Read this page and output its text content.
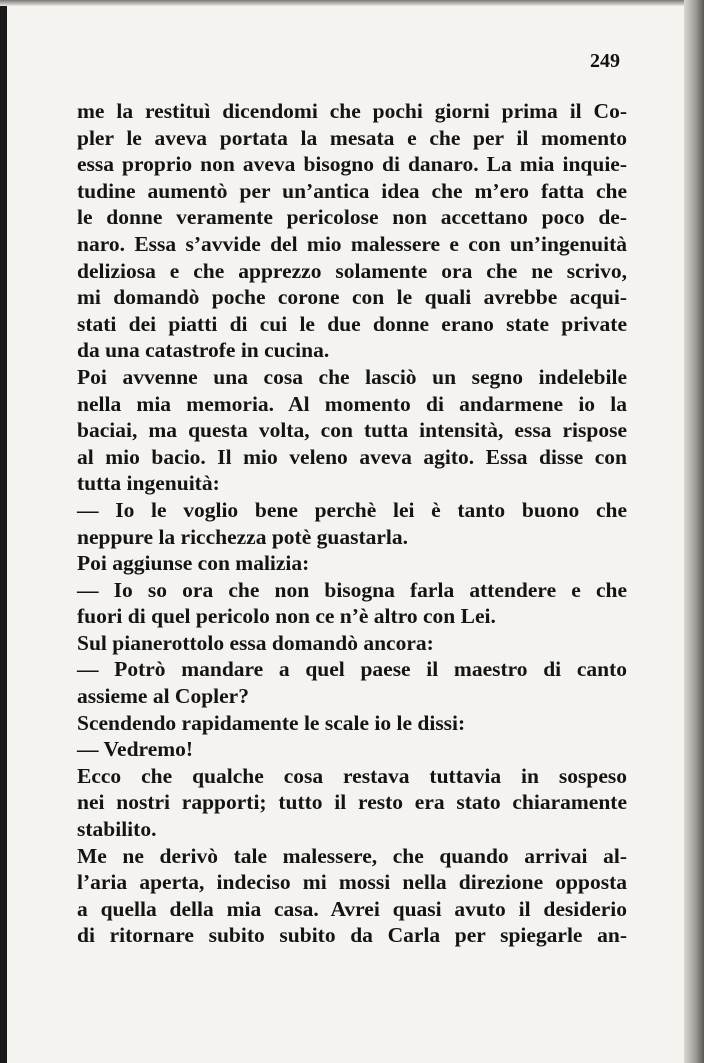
249
me la restituì dicendomi che pochi giorni prima il Co-
pler le aveva portata la mesata e che per il momento
essa proprio non aveva bisogno di danaro. La mia inquie-
tudine aumentò per un’antica idea che m’ero fatta che
le donne veramente pericolose non accettano poco de-
naro. Essa s’avvide del mio malessere e con un’ingenuità
deliziosa e che apprezzo solamente ora che ne scrivo,
mi domandò poche corone con le quali avrebbe acqui-
stati dei piatti di cui le due donne erano state private
da una catastrofe in cucina.
Poi avvenne una cosa che lasciò un segno indelebile
nella mia memoria. Al momento di andarmene io la
baciai, ma questa volta, con tutta intensità, essa rispose
al mio bacio. Il mio veleno aveva agito. Essa disse con
tutta ingenuità:
— Io le voglio bene perchè lei è tanto buono che
neppure la ricchezza potè guastarla.
Poi aggiunse con malizia:
— Io so ora che non bisogna farla attendere e che
fuori di quel pericolo non ce n’è altro con Lei.
Sul pianerottolo essa domandò ancora:
— Potrò mandare a quel paese il maestro di canto
assieme al Copler?
Scendendo rapidamente le scale io le dissi:
— Vedremo!
Ecco che qualche cosa restava tuttavia in sospeso
nei nostri rapporti; tutto il resto era stato chiaramente
stabilito.
Me ne derivò tale malessere, che quando arrivai al-
l’aria aperta, indeciso mi mossi nella direzione opposta
a quella della mia casa. Avrei quasi avuto il desiderio
di ritornare subito subito da Carla per spiegarle an-
